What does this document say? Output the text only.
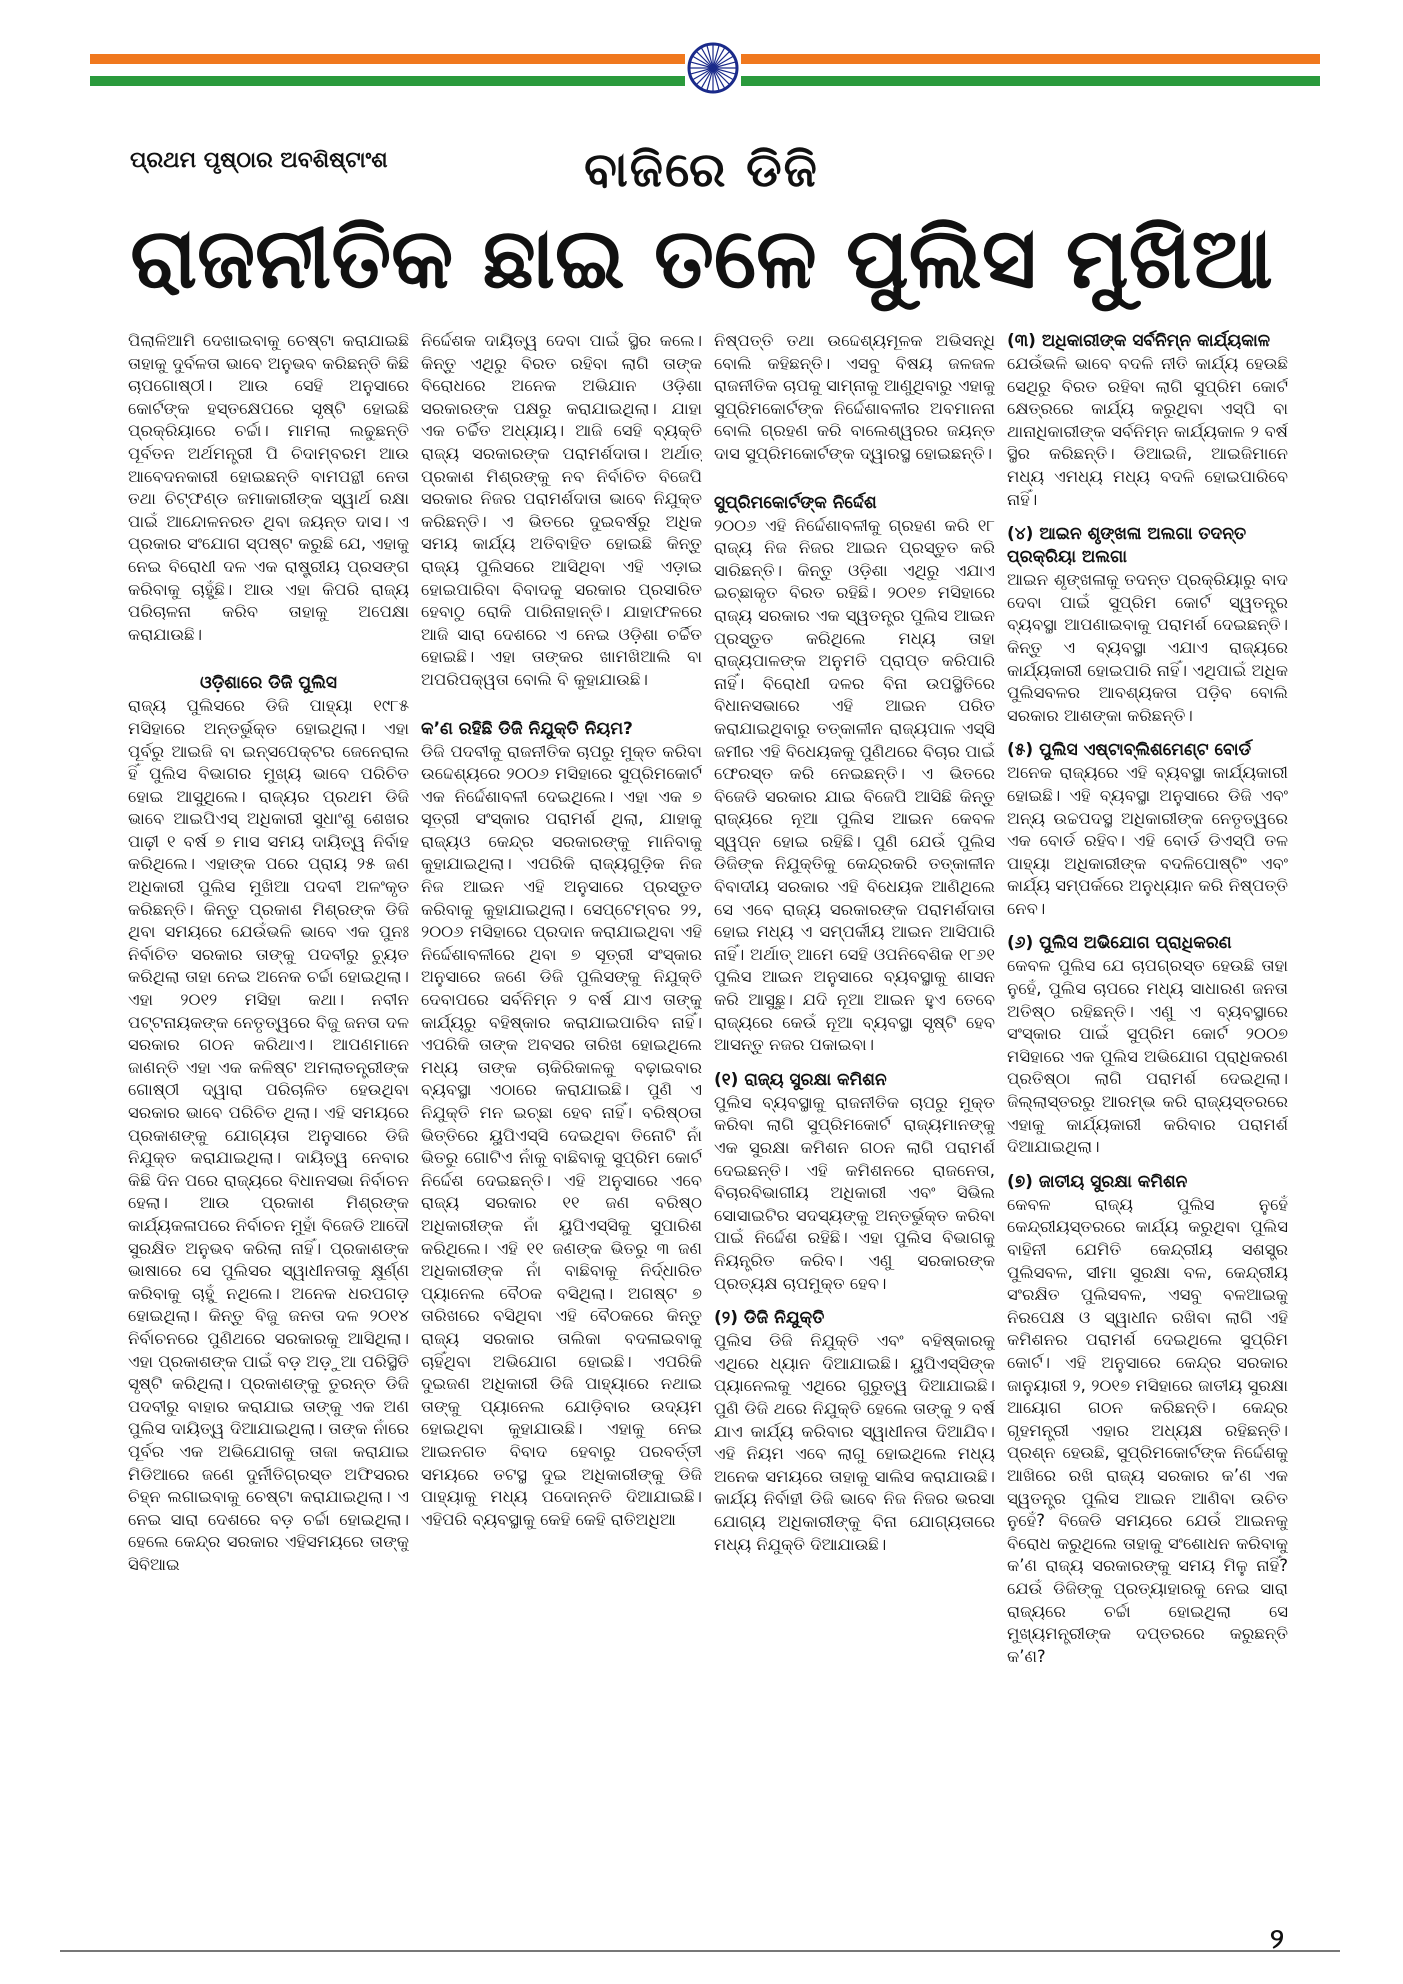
ପ୍ରଥମ ପୃଷ୍ଠାର ଅବଶିଷ୍ଟାଂଶ	ବାଜିରେ ଡିଜି
ରାଜନୀତିକ ଛାଇ ତଳେ ପୁଲିସ ମୁଖିଆ

ପିଲାଳିଆମି ଦେଖାଇବାକୁ ଚେଷ୍ଟା କରାଯାଇଛି ତାହାକୁ ଦୁର୍ବଳତା ଭାବେ ଅନୁଭବ କରିଛନ୍ତି କିଛି ଚାପଗୋଷ୍ଠୀ। ଆଉ ସେହି ଅନୁସାରେ କୋର୍ଟଙ୍କ ହସ୍ତକ୍ଷେପରେ ସୃଷ୍ଟି ହୋଇଛି ପ୍ରକ୍ରିୟାରେ ଚର୍ଚ୍ଚା। ମାମଲା ଲଢୁଛନ୍ତି ପୂର୍ବତନ ଅର୍ଥମନ୍ତ୍ରୀ ପି ଚିଦାମ୍ବରମ ଆଉ ଆବେଦନକାରୀ ହୋଇଛନ୍ତି ବାମପନ୍ଥୀ ନେତା ତଥା ଚିଟ୍‌ଫଣ୍ଡ ଜମାକାରୀଙ୍କ ସ୍ୱାର୍ଥ ରକ୍ଷା ପାଇଁ ଆନ୍ଦୋଳନରତ ଥିବା ଜୟନ୍ତ ଦାସ। ଏ ପ୍ରକାର ସଂଯୋଗ ସ୍ପଷ୍ଟ କରୁଛି ଯେ, ଏହାକୁ ନେଇ ବିରୋଧୀ ଦଳ ଏକ ରାଷ୍ଟ୍ରୀୟ ପ୍ରସଙ୍ଗ କରିବାକୁ ଚାହୁଁଛି। ଆଉ ଏହା କିପରି ରାଜ୍ୟ ପରିଚାଳନା କରିବ ତାହାକୁ ଅପେକ୍ଷା କରାଯାଉଛି।

ଓଡ଼ିଶାରେ ଡିଜି ପୁଲିସ

ରାଜ୍ୟ ପୁଲିସରେ ଡିଜି ପାହ୍ୟା ୧୯୮୫ ମସିହାରେ ଅନ୍ତର୍ଭୁକ୍ତ ହୋଇଥିଲା। ଏହା ପୂର୍ବରୁ ଆଇଜି ବା ଇନ୍‌ସପେକ୍ଟର ଜେନେରାଲ ହିଁ ପୁଲିସ ବିଭାଗର ମୁଖ୍ୟ ଭାବେ ପରିଚିତ ହୋଇ ଆସୁଥିଲେ। ରାଜ୍ୟର ପ୍ରଥମ ଡିଜି ଭାବେ ଆଇପିଏସ୍ ଅଧିକାରୀ ସୁଧାଂଶୁ ଶେଖର ପାଢ଼ୀ ୧ ବର୍ଷ ୭ ମାସ ସମୟ ଦାୟିତ୍ୱ ନିର୍ବାହ କରିଥିଲେ। ଏହାଙ୍କ ପରେ ପ୍ରାୟ ୨୫ ଜଣ ଅଧିକାରୀ ପୁଲିସ ମୁଖିଆ ପଦବୀ ଅଳଂକୃତ କରିଛନ୍ତି। କିନ୍ତୁ ପ୍ରକାଶ ମିଶ୍ରଙ୍କ ଡିଜି ଥିବା ସମୟରେ ଯେଉଁଭଳି ଭାବେ ଏକ ପୁନଃ ନିର୍ବାଚିତ ସରକାର ତାଙ୍କୁ ପଦବୀରୁ ଚ୍ୟୁତ କରିଥିଲା ତାହା ନେଇ ଅନେକ ଚର୍ଚ୍ଚା ହୋଇଥିଲା। ଏହା ୨୦୧୨ ମସିହା କଥା। ନବୀନ ପଟ୍ଟନାୟକଙ୍କ ନେତୃତ୍ୱରେ ବିଜୁ ଜନତା ଦଳ ସରକାର ଗଠନ କରିଥାଏ। ଆପଣମାନେ ଜାଣନ୍ତି ଏହା ଏକ କଳିଷ୍ଟ ଅମଲାତନ୍ତ୍ରୀଙ୍କ ଗୋଷ୍ଠୀ ଦ୍ୱାରା ପରିଚାଳିତ ହେଉଥିବା ସରକାର ଭାବେ ପରିଚିତ ଥିଲା। ଏହି ସମୟରେ ପ୍ରକାଶଙ୍କୁ ଯୋଗ୍ୟତା ଅନୁସାରେ ଡିଜି ନିଯୁକ୍ତ କରାଯାଇଥିଲା। ଦାୟିତ୍ୱ ନେବାର କିଛି ଦିନ ପରେ ରାଜ୍ୟରେ ବିଧାନସଭା ନିର୍ବାଚନ ହେଲା। ଆଉ ପ୍ରକାଶ ମିଶ୍ରଙ୍କ କାର୍ଯ୍ୟକଳାପରେ ନିର୍ବାଚନ ମୁହାଁ ବିଜେଡି ଆଦୌ ସୁରକ୍ଷିତ ଅନୁଭବ କରିଲା ନାହିଁ। ପ୍ରକାଶଙ୍କ ଭାଷାରେ ସେ ପୁଲିସର ସ୍ୱାଧୀନତାକୁ କ୍ଷୁର୍ଣ୍ଣ କରିବାକୁ ଚାହୁଁ ନଥିଲେ। ଅନେକ ଧରପଗଡ଼ ହୋଇଥିଲା। କିନ୍ତୁ ବିଜୁ ଜନତା ଦଳ ୨୦୧୪ ନିର୍ବାଚନରେ ପୁଣିଥରେ ସରକାରକୁ ଆସିଥିଲା। ଏହା ପ୍ରକାଶଙ୍କ ପାଇଁ ବଡ଼ ଅଡ଼ୁଆ ପରିସ୍ଥିତି ସୃଷ୍ଟି କରିଥିଲା। ପ୍ରକାଶଙ୍କୁ ତୁରନ୍ତ ଡିଜି ପଦବୀରୁ ବାହାର କରାଯାଇ ତାଙ୍କୁ ଏକ ଅଣ ପୁଲିସ ଦାୟିତ୍ୱ ଦିଆଯାଇଥିଲା। ତାଙ୍କ ନାଁରେ ପୂର୍ବର ଏକ ଅଭିଯୋଗକୁ ତାଜା କରାଯାଇ ମିଡିଆରେ ଜଣେ ଦୁର୍ନୀତିଗ୍ରସ୍ତ ଅଫିସରର ଚିହ୍ନ ଲଗାଇବାକୁ ଚେଷ୍ଟା କରାଯାଇଥିଲା। ଏ ନେଇ ସାରା ଦେଶରେ ବଡ଼ ଚର୍ଚ୍ଚା ହୋଇଥିଲା। ହେଲେ କେନ୍ଦ୍ର ସରକାର ଏହିସମୟରେ ତାଙ୍କୁ ସିବିଆଇ

ନିର୍ଦ୍ଦେଶକ ଦାୟିତ୍ୱ ଦେବା ପାଇଁ ସ୍ଥିର କଲେ। କିନ୍ତୁ ଏଥିରୁ ବିରତ ରହିବା ଲାଗି ତାଙ୍କ ବିରୋଧରେ ଅନେକ ଅଭିଯାନ ଓଡ଼ିଶା ସରକାରଙ୍କ ପକ୍ଷରୁ କରାଯାଇଥିଲା। ଯାହା ଏକ ଚର୍ଚ୍ଚିତ ଅଧ୍ୟାୟ। ଆଜି ସେହି ବ୍ୟକ୍ତି ରାଜ୍ୟ ସରକାରଙ୍କ ପରାମର୍ଶଦାତା। ଅର୍ଥାତ୍ ପ୍ରକାଶ ମିଶ୍ରଙ୍କୁ ନବ ନିର୍ବାଚିତ ବିଜେପି ସରକାର ନିଜର ପରାମର୍ଶଦାତା ଭାବେ ନିଯୁକ୍ତ କରିଛନ୍ତି। ଏ ଭିତରେ ଦୁଇବର୍ଷରୁ ଅଧିକ ସମୟ କାର୍ଯ୍ୟ ଅତିବାହିତ ହୋଇଛି କିନ୍ତୁ ରାଜ୍ୟ ପୁଲିସରେ ଆସିଥିବା ଏହି ଏଡ଼ାଇ ହୋଇପାରିବା ବିବାଦକୁ ସରକାର ପ୍ରସାରିତ ହେବାଠୁ ରୋକି ପାରିନାହାନ୍ତି। ଯାହାଫଳରେ ଆଜି ସାରା ଦେଶରେ ଏ ନେଇ ଓଡ଼ିଶା ଚର୍ଚ୍ଚିତ ହୋଇଛି। ଏହା ତାଙ୍କର ଖାମଖିଆଲି ବା ଅପରିପକ୍ୱତା ବୋଲି ବି କୁହାଯାଉଛି।

କ’ଣ ରହିଛି ଡିଜି ନିଯୁକ୍ତି ନିୟମ?

ଡିଜି ପଦବୀକୁ ରାଜନୀତିକ ଚାପରୁ ମୁକ୍ତ କରିବା ଉଦ୍ଦେଶ୍ୟରେ ୨୦୦୬ ମସିହାରେ ସୁପ୍ରିମକୋର୍ଟ ଏକ ନିର୍ଦ୍ଦେଶାବଳୀ ଦେଇଥିଲେ। ଏହା ଏକ ୭ ସୂତ୍ରୀ ସଂସ୍କାର ପରାମର୍ଶ ଥିଲା, ଯାହାକୁ ରାଜ୍ୟଓ କେନ୍ଦ୍ର ସରକାରଙ୍କୁ ମାନିବାକୁ କୁହାଯାଇଥିଲା। ଏପରିକି ରାଜ୍ୟଗୁଡ଼ିକ ନିଜ ନିଜ ଆଇନ ଏହି ଅନୁସାରେ ପ୍ରସ୍ତୁତ କରିବାକୁ କୁହାଯାଇଥିଲା। ସେପ୍ଟେମ୍ବର ୨୨, ୨୦୦୬ ମସିହାରେ ପ୍ରଦାନ କରାଯାଇଥିବା ଏହି ନିର୍ଦ୍ଦେଶାବଳୀରେ ଥିବା ୭ ସୂତ୍ରୀ ସଂସ୍କାର ଅନୁସାରେ ଜଣେ ଡିଜି ପୁଲିସଙ୍କୁ ନିଯୁକ୍ତି ଦେବାପରେ ସର୍ବନିମ୍ନ ୨ ବର୍ଷ ଯାଏ ତାଙ୍କୁ କାର୍ଯ୍ୟରୁ ବହିଷ୍କାର କରାଯାଇପାରିବ ନାହିଁ। ଏପରିକି ତାଙ୍କ ଅବସର ତାରିଖ ହୋଇଥିଲେ ମଧ୍ୟ ତାଙ୍କ ଚାକିରିକାଳକୁ ବଢ଼ାଇବାର ବ୍ୟବସ୍ଥା ଏଠାରେ କରାଯାଇଛି। ପୁଣି ଏ ନିଯୁକ୍ତି ମନ ଇଚ୍ଛା ହେବ ନାହିଁ। ବରିଷ୍ଠତା ଭିତ୍ତିରେ ୟୁପିଏସ୍‌ସି ଦେଇଥିବା ତିନୋଟି ନାଁ ଭିତରୁ ଗୋଟିଏ ନାଁକୁ ବାଛିବାକୁ ସୁପ୍ରିମ କୋର୍ଟ ନିର୍ଦ୍ଦେଶ ଦେଇଛନ୍ତି। ଏହି ଅନୁସାରେ ଏବେ ରାଜ୍ୟ ସରକାର ୧୧ ଜଣ ବରିଷ୍ଠ ଅଧିକାରୀଙ୍କ ନାଁ ୟୁପିଏସ୍‌ସିକୁ ସୁପାରିଶ କରିଥିଲେ। ଏହି ୧୧ ଜଣଙ୍କ ଭିତରୁ ୩ ଜଣ ଅଧିକାରୀଙ୍କ ନାଁ ବାଛିବାକୁ ନିର୍ଦ୍ଧାରିତ ପ୍ୟାନେଲ ବୈଠକ ବସିଥିଲା। ଅଗଷ୍ଟ ୭ ତାରିଖରେ ବସିଥିବା ଏହି ବୈଠକରେ କିନ୍ତୁ ରାଜ୍ୟ ସରକାର ତାଲିକା ବଦଳାଇବାକୁ ଚାହିଁଥିବା ଅଭିଯୋଗ ହୋଇଛି। ଏପରିକି ଦୁଇଜଣ ଅଧିକାରୀ ଡିଜି ପାହ୍ୟାରେ ନଥାଇ ତାଙ୍କୁ ପ୍ୟାନେଲ ଯୋଡ଼ିବାର ଉଦ୍ୟମ ହୋଇଥିବା କୁହାଯାଉଛି। ଏହାକୁ ନେଇ ଆଇନଗତ ବିବାଦ ହେବାରୁ ପରବର୍ତ୍ତୀ ସମୟରେ ତଟସ୍ଥ ଦୁଇ ଅଧିକାରୀଙ୍କୁ ଡିଜି ପାହ୍ୟାକୁ ମଧ୍ୟ ପଦୋନ୍ନତି ଦିଆଯାଇଛି। ଏହିପରି ବ୍ୟବସ୍ଥାକୁ କେହି କେହି ରାତିଅଧିଆ

ନିଷ୍ପତ୍ତି ତଥା ଉଦ୍ଦେଶ୍ୟମୂଳକ ଅଭିସନ୍ଧି ବୋଲି କହିଛନ୍ତି। ଏସବୁ ବିଷୟ ଜଳଜଳ ରାଜନୀତିକ ଚାପକୁ ସାମ୍ନାକୁ ଆଣୁଥିବାରୁ ଏହାକୁ ସୁପ୍ରିମକୋର୍ଟଙ୍କ ନିର୍ଦ୍ଦେଶାବଳୀର ଅବମାନନା ବୋଲି ଗ୍ରହଣ କରି ବାଲେଶ୍ୱରର ଜୟନ୍ତ ଦାସ ସୁପ୍ରିମକୋର୍ଟଙ୍କ ଦ୍ୱାରସ୍ଥ ହୋଇଛନ୍ତି।

ସୁପ୍ରିମକୋର୍ଟଙ୍କ ନିର୍ଦ୍ଦେଶ

୨୦୦୬ ଏହି ନିର୍ଦ୍ଦେଶାବଳୀକୁ ଗ୍ରହଣ କରି ୧୮ ରାଜ୍ୟ ନିଜ ନିଜର ଆଇନ ପ୍ରସ୍ତୁତ କରି ସାରିଛନ୍ତି। କିନ୍ତୁ ଓଡ଼ିଶା ଏଥିରୁ ଏଯାଏ ଇଚ୍ଛାକୃତ ବିରତ ରହିଛି। ୨୦୧୭ ମସିହାରେ ରାଜ୍ୟ ସରକାର ଏକ ସ୍ୱତନ୍ତ୍ର ପୁଲିସ ଆଇନ ପ୍ରସ୍ତୁତ କରିଥିଲେ ମଧ୍ୟ ତାହା ରାଜ୍ୟପାଳଙ୍କ ଅନୁମତି ପ୍ରାପ୍ତ କରିପାରି ନାହିଁ। ବିରୋଧୀ ଦଳର ବିନା ଉପସ୍ଥିତିରେ ବିଧାନସଭାରେ ଏହି ଆଇନ ପରିତ କରାଯାଇଥିବାରୁ ତତ୍‌କାଳୀନ ରାଜ୍ୟପାଳ ଏସ୍‌ସି ଜମୀର ଏହି ବିଧେୟକକୁ ପୁଣିଥରେ ବିଚାର ପାଇଁ ଫେରସ୍ତ କରି ନେଇଛନ୍ତି। ଏ ଭିତରେ ବିଜେଡି ସରକାର ଯାଇ ବିଜେପି ଆସିଛି କିନ୍ତୁ ରାଜ୍ୟରେ ନୂଆ ପୁଲିସ ଆଇନ କେବଳ ସ୍ୱପ୍ନ ହୋଇ ରହିଛି। ପୁଣି ଯେଉଁ ପୁଲିସ ଡିଜିଙ୍କ ନିଯୁକ୍ତିକୁ କେନ୍ଦ୍ରକରି ତତ୍‌କାଳୀନ ବିବାଦୀୟ ସରକାର ଏହି ବିଧେୟକ ଆଣିଥିଲେ ସେ ଏବେ ରାଜ୍ୟ ସରକାରଙ୍କ ପରାମର୍ଶଦାତା ହୋଇ ମଧ୍ୟ ଏ ସମ୍ପର୍କୀୟ ଆଇନ ଆସିପାରି ନାହିଁ। ଅର୍ଥାତ୍ ଆମେ ସେହି ଓପନିବେଶିକ ୧୮୬୧ ପୁଲିସ ଆଇନ ଅନୁସାରେ ବ୍ୟବସ୍ଥାକୁ ଶାସନ କରି ଆସୁଛୁ। ଯଦି ନୂଆ ଆଇନ ହୁଏ ତେବେ ରାଜ୍ୟରେ କେଉଁ ନୂଆ ବ୍ୟବସ୍ଥା ସୃଷ୍ଟି ହେବ ଆସନ୍ତୁ ନଜର ପକାଇବା।

(୧) ରାଜ୍ୟ ସୁରକ୍ଷା କମିଶନ

ପୁଲିସ ବ୍ୟବସ୍ଥାକୁ ରାଜନୀତିକ ଚାପରୁ ମୁକ୍ତ କରିବା ଲାଗି ସୁପ୍ରିମକୋର୍ଟ ରାଜ୍ୟମାନଙ୍କୁ ଏକ ସୁରକ୍ଷା କମିଶନ ଗଠନ ଲାଗି ପରାମର୍ଶ ଦେଇଛନ୍ତି। ଏହି କମିଶନରେ ରାଜନେତା, ବିଚାରବିଭାଗୀୟ ଅଧିକାରୀ ଏବଂ ସିଭିଲ ସୋସାଇଟିର ସଦସ୍ୟଙ୍କୁ ଅନ୍ତର୍ଭୁକ୍ତ କରିବା ପାଇଁ ନିର୍ଦ୍ଦେଶ ରହିଛି। ଏହା ପୁଲିସ ବିଭାଗକୁ ନିୟନ୍ତ୍ରିତ କରିବ। ଏଣୁ ସରକାରଙ୍କ ପ୍ରତ୍ୟକ୍ଷ ଚାପମୁକ୍ତ ହେବ।

(୨) ଡିଜି ନିଯୁକ୍ତି

ପୁଲିସ ଡିଜି ନିଯୁକ୍ତି ଏବଂ ବହିଷ୍କାରକୁ ଏଥିରେ ଧ୍ୟାନ ଦିଆଯାଇଛି। ୟୁପିଏସ୍‌ସିଙ୍କ ପ୍ୟାନେଲକୁ ଏଥିରେ ଗୁରୁତ୍ୱ ଦିଆଯାଇଛି। ପୁଣି ଡିଜି ଥରେ ନିଯୁକ୍ତି ହେଲେ ତାଙ୍କୁ ୨ ବର୍ଷ ଯାଏ କାର୍ଯ୍ୟ କରିବାର ସ୍ୱାଧୀନତା ଦିଆଯିବ। ଏହି ନିୟମ ଏବେ ଲାଗୁ ହୋଇଥିଲେ ମଧ୍ୟ ଅନେକ ସମୟରେ ତାହାକୁ ସାଲିସ କରାଯାଉଛି। କାର୍ଯ୍ୟ ନିର୍ବାହୀ ଡିଜି ଭାବେ ନିଜ ନିଜର ଭରସା ଯୋଗ୍ୟ ଅଧିକାରୀଙ୍କୁ ବିନା ଯୋଗ୍ୟତାରେ ମଧ୍ୟ ନିଯୁକ୍ତି ଦିଆଯାଉଛି।

(୩) ଅଧିକାରୀଙ୍କ ସର୍ବନିମ୍ନ କାର୍ଯ୍ୟକାଳ

ଯେଉଁଭଳି ଭାବେ ବଦଳି ନୀତି କାର୍ଯ୍ୟ ହେଉଛି ସେଥିରୁ ବିରତ ରହିବା ଲାଗି ସୁପ୍ରିମ କୋର୍ଟ କ୍ଷେତ୍ରରେ କାର୍ଯ୍ୟ କରୁଥିବା ଏସ୍‌ପି ବା ଥାନାଧିକାରୀଙ୍କ ସର୍ବନିମ୍ନ କାର୍ଯ୍ୟକାଳ ୨ ବର୍ଷ ସ୍ଥିର କରିଛନ୍ତି। ଡିଆଇଜି, ଆଇଜିମାନେ ମଧ୍ୟ ଏମଧ୍ୟ ମଧ୍ୟ ବଦଳି ହୋଇପାରିବେ ନାହିଁ।

(୪) ଆଇନ ଶୃଙ୍ଖଳା ଅଲଗା ତଦନ୍ତ ପ୍ରକ୍ରିୟା ଅଲଗା

ଆଇନ ଶୃଙ୍ଖଳାକୁ ତଦନ୍ତ ପ୍ରକ୍ରିୟାରୁ ବାଦ ଦେବା ପାଇଁ ସୁପ୍ରିମ କୋର୍ଟ ସ୍ୱତନ୍ତ୍ର ବ୍ୟବସ୍ଥା ଆପଣାଇବାକୁ ପରାମର୍ଶ ଦେଇଛନ୍ତି। କିନ୍ତୁ ଏ ବ୍ୟବସ୍ଥା ଏଯାଏ ରାଜ୍ୟରେ କାର୍ଯ୍ୟକାରୀ ହୋଇପାରି ନାହିଁ। ଏଥିପାଇଁ ଅଧିକ ପୁଲିସବଳର ଆବଶ୍ୟକତା ପଡ଼ିବ ବୋଲି ସରକାର ଆଶଙ୍କା କରିଛନ୍ତି।

(୫) ପୁଲିସ ଏଷ୍ଟାବ୍ଲିଶମେଣ୍ଟ ବୋର୍ଡ

ଅନେକ ରାଜ୍ୟରେ ଏହି ବ୍ୟବସ୍ଥା କାର୍ଯ୍ୟକାରୀ ହୋଇଛି। ଏହି ବ୍ୟବସ୍ଥା ଅନୁସାରେ ଡିଜି ଏବଂ ଅନ୍ୟ ଉଚ୍ଚପଦସ୍ଥ ଅଧିକାରୀଙ୍କ ନେତୃତ୍ୱରେ ଏକ ବୋର୍ଡ ରହିବ। ଏହି ବୋର୍ଡ ଡିଏସ୍‌ପି ତଳ ପାହ୍ୟା ଅଧିକାରୀଙ୍କ ବଦଳିପୋଷ୍ଟିଂ ଏବଂ କାର୍ଯ୍ୟ ସମ୍ପର୍କରେ ଅନୁଧ୍ୟାନ କରି ନିଷ୍ପତ୍ତି ନେବ।

(୬) ପୁଲିସ ଅଭିଯୋଗ ପ୍ରାଧିକରଣ

କେବଳ ପୁଲିସ ଯେ ଚାପଗ୍ରସ୍ତ ହେଉଛି ତାହା ନୁହେଁ, ପୁଲିସ ଚାପରେ ମଧ୍ୟ ସାଧାରଣ ଜନତା ଅତିଷ୍ଠ ରହିଛନ୍ତି। ଏଣୁ ଏ ବ୍ୟବସ୍ଥାରେ ସଂସ୍କାର ପାଇଁ ସୁପ୍ରିମ କୋର୍ଟ ୨୦୦୭ ମସିହାରେ ଏକ ପୁଲିସ ଅଭିଯୋଗ ପ୍ରାଧିକରଣ ପ୍ରତିଷ୍ଠା ଲାଗି ପରାମର୍ଶ ଦେଇଥିଲା। ଜିଲ୍ଲାସ୍ତରରୁ ଆରମ୍ଭ କରି ରାଜ୍ୟସ୍ତରରେ ଏହାକୁ କାର୍ଯ୍ୟକାରୀ କରିବାର ପରାମର୍ଶ ଦିଆଯାଇଥିଲା।

(୭) ଜାତୀୟ ସୁରକ୍ଷା କମିଶନ

କେବଳ ରାଜ୍ୟ ପୁଲିସ ନୁହେଁ କେନ୍ଦ୍ରୀୟସ୍ତରରେ କାର୍ଯ୍ୟ କରୁଥିବା ପୁଲିସ ବାହିନୀ ଯେମିତି କେନ୍ଦ୍ରୀୟ ସଶସ୍ତ୍ର ପୁଲିସବଳ, ସୀମା ସୁରକ୍ଷା ବଳ, କେନ୍ଦ୍ରୀୟ ସଂରକ୍ଷିତ ପୁଲିସବଳ, ଏସବୁ ବଳଆଇକୁ ନିରପେକ୍ଷ ଓ ସ୍ୱାଧୀନ ରଖିବା ଲାଗି ଏହି କମିଶନର ପରାମର୍ଶ ଦେଇଥିଲେ ସୁପ୍ରିମ କୋର୍ଟ। ଏହି ଅନୁସାରେ କେନ୍ଦ୍ର ସରକାର ଜାନୁୟାରୀ ୨, ୨୦୧୭ ମସିହାରେ ଜାତୀୟ ସୁରକ୍ଷା ଆୟୋଗ ଗଠନ କରିଛନ୍ତି। କେନ୍ଦ୍ର ଗୃହମନ୍ତ୍ରୀ ଏହାର ଅଧ୍ୟକ୍ଷ ରହିଛନ୍ତି। ପ୍ରଶ୍ନ ହେଉଛି, ସୁପ୍ରିମକୋର୍ଟଙ୍କ ନିର୍ଦ୍ଦେଶକୁ ଆଖିରେ ରଖି ରାଜ୍ୟ ସରକାର କ’ଣ ଏକ ସ୍ୱତନ୍ତ୍ର ପୁଲିସ ଆଇନ ଆଣିବା ଉଚିତ ନୁହେଁ? ବିଜେଡି ସମୟରେ ଯେଉଁ ଆଇନକୁ ବିରୋଧ କରୁଥିଲେ ତାହାକୁ ସଂଶୋଧନ କରିବାକୁ କ’ଣ ରାଜ୍ୟ ସରକାରଙ୍କୁ ସମୟ ମିଳୁ ନାହିଁ? ଯେଉଁ ଡିଜିଙ୍କୁ ପ୍ରତ୍ୟାହାରକୁ ନେଇ ସାରା ରାଜ୍ୟରେ ଚର୍ଚ୍ଚା ହୋଇଥିଲା ସେ ମୁଖ୍ୟମନ୍ତ୍ରୀଙ୍କ ଦପ୍ତରରେ କରୁଛନ୍ତି କ’ଣ?

୨
